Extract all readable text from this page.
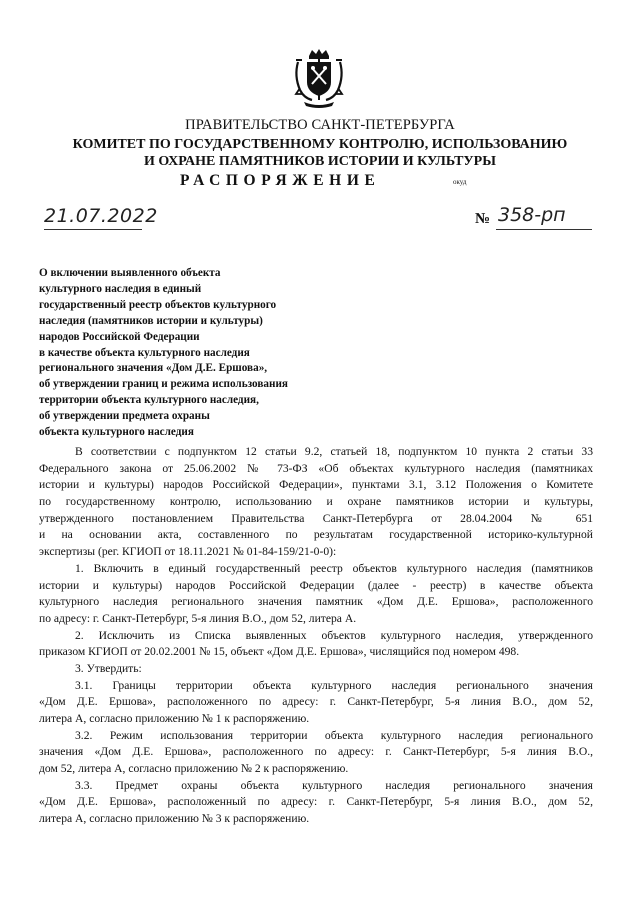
ПРАВИТЕЛЬСТВО САНКТ-ПЕТЕРБУРГА
КОМИТЕТ ПО ГОСУДАРСТВЕННОМУ КОНТРОЛЮ, ИСПОЛЬЗОВАНИЮ
И ОХРАНЕ ПАМЯТНИКОВ ИСТОРИИ И КУЛЬТУРЫ
РАСПОРЯЖЕНИЕ	окуд
21.07.2022	№ 358-рп
О включении выявленного объекта
культурного наследия в единый
государственный реестр объектов культурного
наследия (памятников истории и культуры)
народов Российской Федерации
в качестве объекта культурного наследия
регионального значения «Дом Д.Е. Ершова»,
об утверждении границ и режима использования
территории объекта культурного наследия,
об утверждении предмета охраны
объекта культурного наследия
В соответствии с подпунктом 12 статьи 9.2, статьей 18, подпунктом 10 пункта 2 статьи 33
Федерального закона от 25.06.2002 № 73-ФЗ «Об объектах культурного наследия (памятниках
истории и культуры) народов Российской Федерации», пунктами 3.1, 3.12 Положения о Комитете
по государственному контролю, использованию и охране памятников истории и культуры,
утвержденного постановлением Правительства Санкт-Петербурга от 28.04.2004 № 651
и на основании акта, составленного по результатам государственной историко-культурной
экспертизы (рег. КГИОП от 18.11.2021 № 01-84-159/21-0-0):
1. Включить в единый государственный реестр объектов культурного наследия (памятников
истории и культуры) народов Российской Федерации (далее - реестр) в качестве объекта
культурного наследия регионального значения памятник «Дом Д.Е. Ершова», расположенного
по адресу: г. Санкт-Петербург, 5-я линия В.О., дом 52, литера А.
2. Исключить из Списка выявленных объектов культурного наследия, утвержденного
приказом КГИОП от 20.02.2001 № 15, объект «Дом Д.Е. Ершова», числящийся под номером 498.
3. Утвердить:
3.1. Границы территории объекта культурного наследия регионального значения
«Дом Д.Е. Ершова», расположенного по адресу: г. Санкт-Петербург, 5-я линия В.О., дом 52,
литера А, согласно приложению № 1 к распоряжению.
3.2. Режим использования территории объекта культурного наследия регионального
значения «Дом Д.Е. Ершова», расположенного по адресу: г. Санкт-Петербург, 5-я линия В.О.,
дом 52, литера А, согласно приложению № 2 к распоряжению.
3.3. Предмет охраны объекта культурного наследия регионального значения
«Дом Д.Е. Ершова», расположенный по адресу: г. Санкт-Петербург, 5-я линия В.О., дом 52,
литера А, согласно приложению № 3 к распоряжению.
